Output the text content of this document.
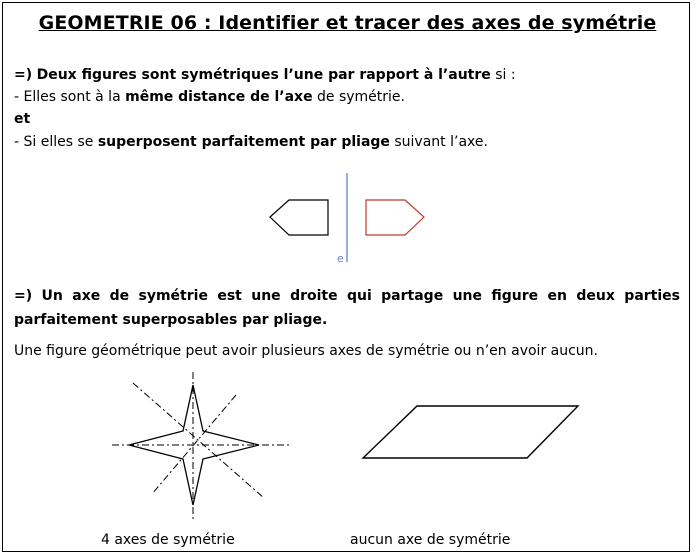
GEOMETRIE 06 : Identifier et tracer des axes de symétrie
=) Deux figures sont symétriques l’une par rapport à l’autre si :
- Elles sont à la même distance de l’axe de symétrie.
et
- Si elles se superposent parfaitement par pliage suivant l’axe.
e
=) Un axe de symétrie est une droite qui partage une figure en deux parties parfaitement superposables par pliage.
Une figure géométrique peut avoir plusieurs axes de symétrie ou n’en avoir aucun.
4 axes de symétrie	aucun axe de symétrie
